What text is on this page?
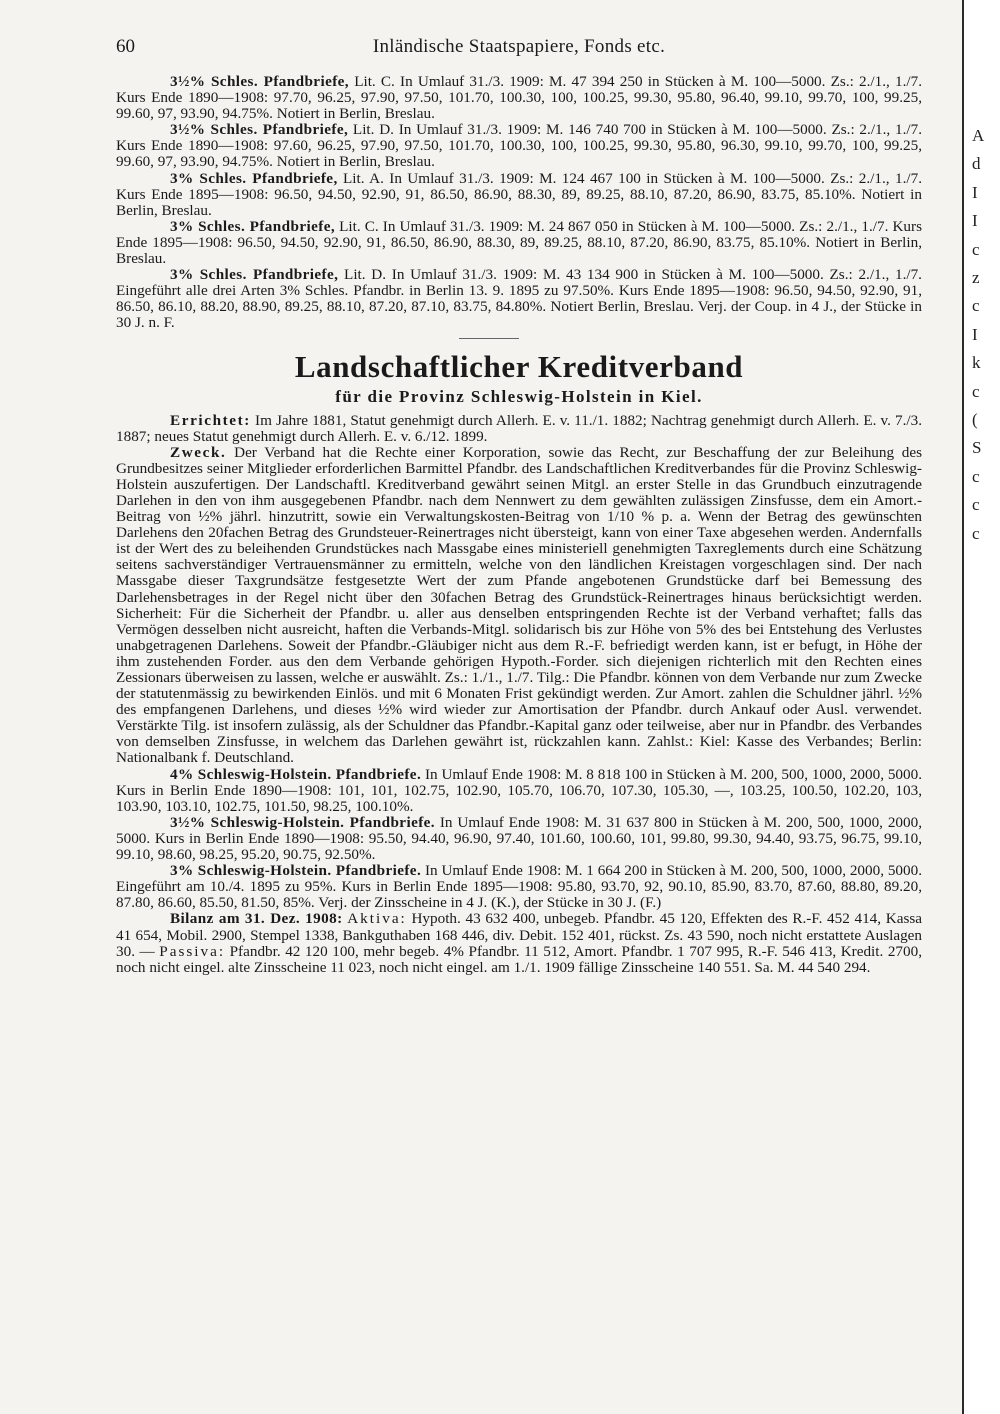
60	Inländische Staatspapiere, Fonds etc.

3½% Schles. Pfandbriefe, Lit. C. In Umlauf 31./3. 1909: M. 47 394 250 in Stücken à M. 100—5000. Zs.: 2./1., 1./7. Kurs Ende 1890—1908: 97.70, 96.25, 97.90, 97.50, 101.70, 100.30, 100, 100.25, 99.30, 95.80, 96.40, 99.10, 99.70, 100, 99.25, 99.60, 97, 93.90, 94.75%. Notiert in Berlin, Breslau.

3½% Schles. Pfandbriefe, Lit. D. In Umlauf 31./3. 1909: M. 146 740 700 in Stücken à M. 100—5000. Zs.: 2./1., 1./7. Kurs Ende 1890—1908: 97.60, 96.25, 97.90, 97.50, 101.70, 100.30, 100, 100.25, 99.30, 95.80, 96.30, 99.10, 99.70, 100, 99.25, 99.60, 97, 93.90, 94.75%. Notiert in Berlin, Breslau.

3% Schles. Pfandbriefe, Lit. A. In Umlauf 31./3. 1909: M. 124 467 100 in Stücken à M. 100—5000. Zs.: 2./1., 1./7. Kurs Ende 1895—1908: 96.50, 94.50, 92.90, 91, 86.50, 86.90, 88.30, 89, 89.25, 88.10, 87.20, 86.90, 83.75, 85.10%. Notiert in Berlin, Breslau.

3% Schles. Pfandbriefe, Lit. C. In Umlauf 31./3. 1909: M. 24 867 050 in Stücken à M. 100—5000. Zs.: 2./1., 1./7. Kurs Ende 1895—1908: 96.50, 94.50, 92.90, 91, 86.50, 86.90, 88.30, 89, 89.25, 88.10, 87.20, 86.90, 83.75, 85.10%. Notiert in Berlin, Breslau.

3% Schles. Pfandbriefe, Lit. D. In Umlauf 31./3. 1909: M. 43 134 900 in Stücken à M. 100—5000. Zs.: 2./1., 1./7. Eingeführt alle drei Arten 3% Schles. Pfandbr. in Berlin 13. 9. 1895 zu 97.50%. Kurs Ende 1895—1908: 96.50, 94.50, 92.90, 91, 86.50, 86.10, 88.20, 88.90, 89.25, 88.10, 87.20, 87.10, 83.75, 84.80%. Notiert Berlin, Breslau. Verj. der Coup. in 4 J., der Stücke in 30 J. n. F.

Landschaftlicher Kreditverband
für die Provinz Schleswig-Holstein in Kiel.

Errichtet: Im Jahre 1881, Statut genehmigt durch Allerh. E. v. 11./1. 1882; Nachtrag genehmigt durch Allerh. E. v. 7./3. 1887; neues Statut genehmigt durch Allerh. E. v. 6./12. 1899.

Zweck. Der Verband hat die Rechte einer Korporation, sowie das Recht, zur Beschaffung der zur Beleihung des Grundbesitzes seiner Mitglieder erforderlichen Barmittel Pfandbr. des Landschaftlichen Kreditverbandes für die Provinz Schleswig-Holstein auszufertigen. Der Landschaftl. Kreditverband gewährt seinen Mitgl. an erster Stelle in das Grundbuch einzutragende Darlehen in den von ihm ausgegebenen Pfandbr. nach dem Nennwert zu dem gewählten zulässigen Zinsfusse, dem ein Amort.-Beitrag von ½% jährl. hinzutritt, sowie ein Verwaltungskosten-Beitrag von 1/10 % p. a. Wenn der Betrag des gewünschten Darlehens den 20fachen Betrag des Grundsteuer-Reinertrages nicht übersteigt, kann von einer Taxe abgesehen werden. Andernfalls ist der Wert des zu beleihenden Grundstückes nach Massgabe eines ministeriell genehmigten Taxreglements durch eine Schätzung seitens sachverständiger Vertrauensmänner zu ermitteln, welche von den ländlichen Kreistagen vorgeschlagen sind. Der nach Massgabe dieser Taxgrundsätze festgesetzte Wert der zum Pfande angebotenen Grundstücke darf bei Bemessung des Darlehensbetrages in der Regel nicht über den 30fachen Betrag des Grundstück-Reinertrages hinaus berücksichtigt werden. Sicherheit: Für die Sicherheit der Pfandbr. u. aller aus denselben entspringenden Rechte ist der Verband verhaftet; falls das Vermögen desselben nicht ausreicht, haften die Verbands-Mitgl. solidarisch bis zur Höhe von 5% des bei Entstehung des Verlustes unabgetragenen Darlehens. Soweit der Pfandbr.-Gläubiger nicht aus dem R.-F. befriedigt werden kann, ist er befugt, in Höhe der ihm zustehenden Forder. aus den dem Verbande gehörigen Hypoth.-Forder. sich diejenigen richterlich mit den Rechten eines Zessionars überweisen zu lassen, welche er auswählt. Zs.: 1./1., 1./7. Tilg.: Die Pfandbr. können von dem Verbande nur zum Zwecke der statutenmässig zu bewirkenden Einlös. und mit 6 Monaten Frist gekündigt werden. Zur Amort. zahlen die Schuldner jährl. ½% des empfangenen Darlehens, und dieses ½% wird wieder zur Amortisation der Pfandbr. durch Ankauf oder Ausl. verwendet. Verstärkte Tilg. ist insofern zulässig, als der Schuldner das Pfandbr.-Kapital ganz oder teilweise, aber nur in Pfandbr. des Verbandes von demselben Zinsfusse, in welchem das Darlehen gewährt ist, rückzahlen kann. Zahlst.: Kiel: Kasse des Verbandes; Berlin: Nationalbank f. Deutschland.

4% Schleswig-Holstein. Pfandbriefe. In Umlauf Ende 1908: M. 8 818 100 in Stücken à M. 200, 500, 1000, 2000, 5000. Kurs in Berlin Ende 1890—1908: 101, 101, 102.75, 102.90, 105.70, 106.70, 107.30, 105.30, —, 103.25, 100.50, 102.20, 103, 103.90, 103.10, 102.75, 101.50, 98.25, 100.10%.

3½% Schleswig-Holstein. Pfandbriefe. In Umlauf Ende 1908: M. 31 637 800 in Stücken à M. 200, 500, 1000, 2000, 5000. Kurs in Berlin Ende 1890—1908: 95.50, 94.40, 96.90, 97.40, 101.60, 100.60, 101, 99.80, 99.30, 94.40, 93.75, 96.75, 99.10, 99.10, 98.60, 98.25, 95.20, 90.75, 92.50%.

3% Schleswig-Holstein. Pfandbriefe. In Umlauf Ende 1908: M. 1 664 200 in Stücken à M. 200, 500, 1000, 2000, 5000. Eingeführt am 10./4. 1895 zu 95%. Kurs in Berlin Ende 1895—1908: 95.80, 93.70, 92, 90.10, 85.90, 83.70, 87.60, 88.80, 89.20, 87.80, 86.60, 85.50, 81.50, 85%. Verj. der Zinsscheine in 4 J. (K.), der Stücke in 30 J. (F.)

Bilanz am 31. Dez. 1908: Aktiva: Hypoth. 43 632 400, unbegeb. Pfandbr. 45 120, Effekten des R.-F. 452 414, Kassa 41 654, Mobil. 2900, Stempel 1338, Bankguthaben 168 446, div. Debit. 152 401, rückst. Zs. 43 590, noch nicht erstattete Auslagen 30. — Passiva: Pfandbr. 42 120 100, mehr begeb. 4% Pfandbr. 11 512, Amort. Pfandbr. 1 707 995, R.-F. 546 413, Kredit. 2700, noch nicht eingel. alte Zinsscheine 11 023, noch nicht eingel. am 1./1. 1909 fällige Zinsscheine 140 551. Sa. M. 44 540 294.

A
d
I
I
c
z
c
I
k
c
(
S
c
c
c
